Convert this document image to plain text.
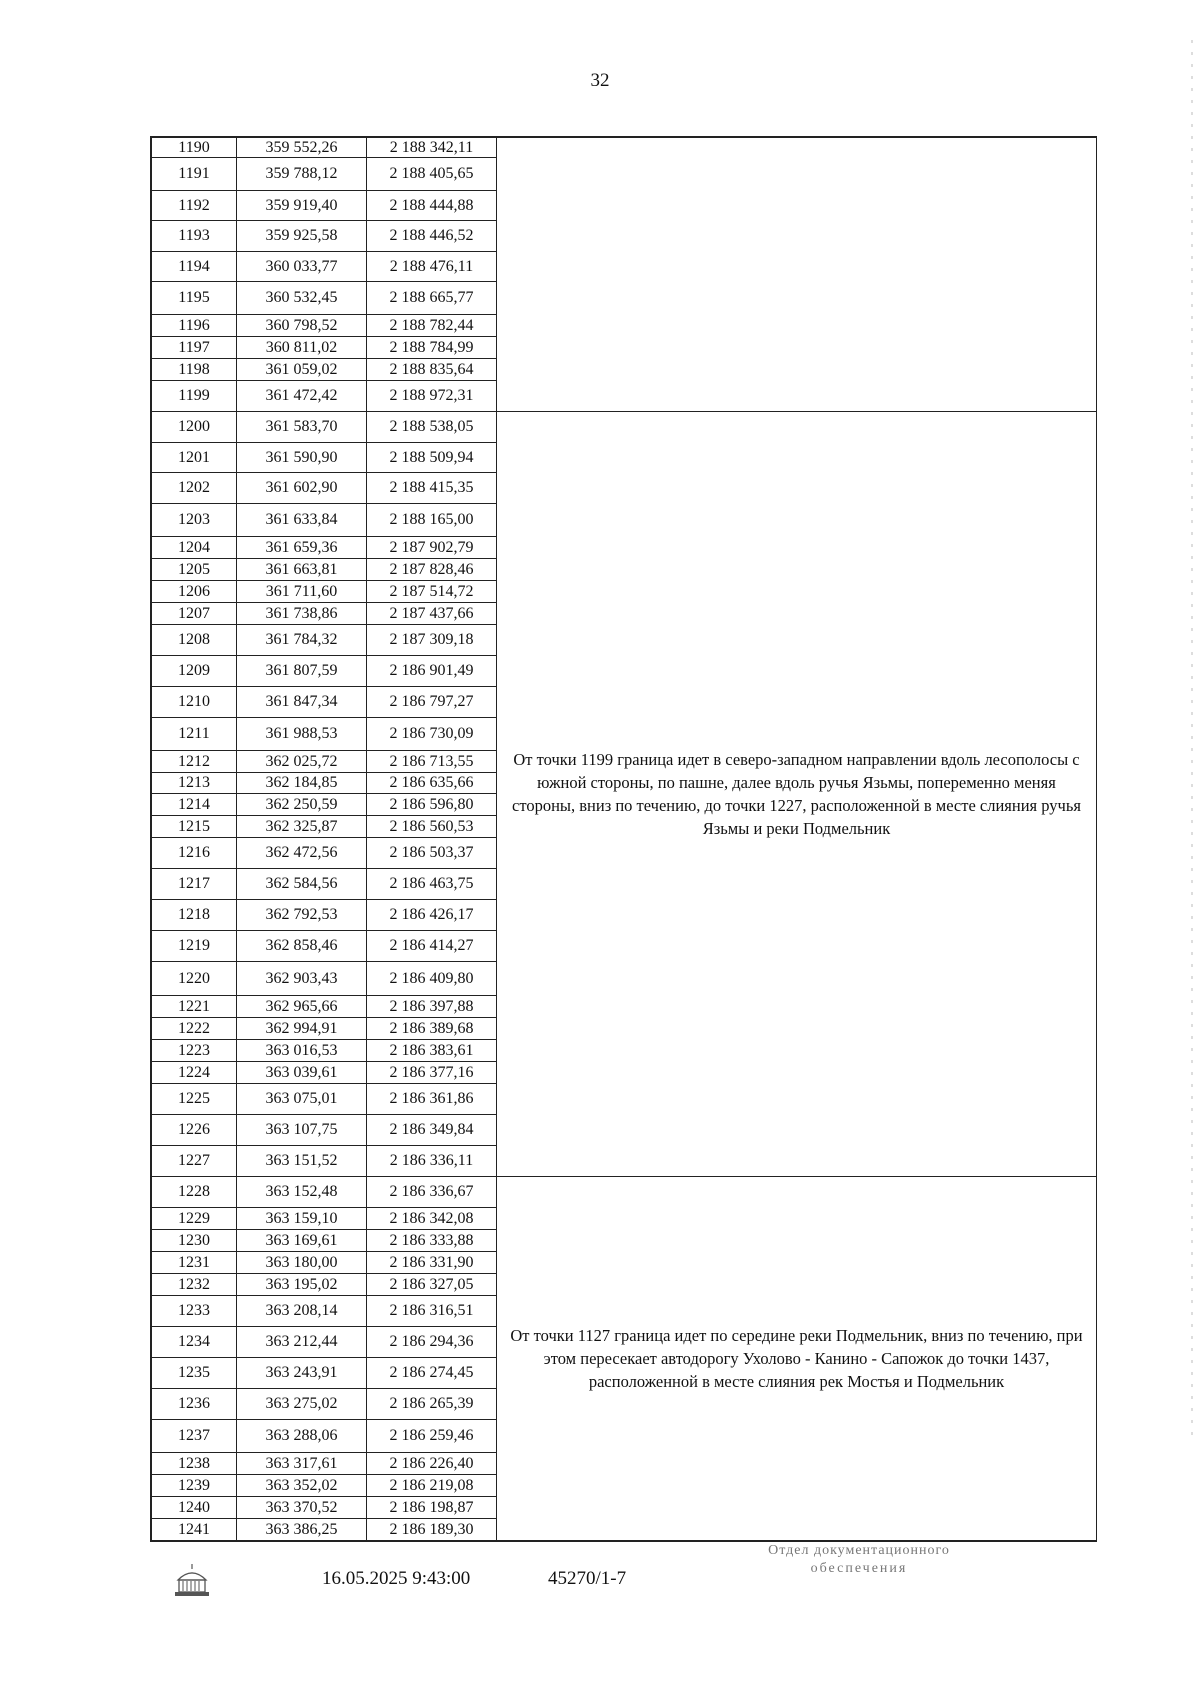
32
1190	359 552,26	2 188 342,11	
1191	359 788,12	2 188 405,65	
1192	359 919,40	2 188 444,88	
1193	359 925,58	2 188 446,52	
1194	360 033,77	2 188 476,11	
1195	360 532,45	2 188 665,77	
1196	360 798,52	2 188 782,44	
1197	360 811,02	2 188 784,99	
1198	361 059,02	2 188 835,64	
1199	361 472,42	2 188 972,31	
1200	361 583,70	2 188 538,05	От точки 1199 граница идет в северо-западном направлении вдоль лесополосы с южной стороны, по пашне, далее вдоль ручья Язьмы, попеременно меняя стороны, вниз по течению, до точки 1227, расположенной в месте слияния ручья Язьмы и реки Подмельник
1201	361 590,90	2 188 509,94	
1202	361 602,90	2 188 415,35	
1203	361 633,84	2 188 165,00	
1204	361 659,36	2 187 902,79	
1205	361 663,81	2 187 828,46	
1206	361 711,60	2 187 514,72	
1207	361 738,86	2 187 437,66	
1208	361 784,32	2 187 309,18	
1209	361 807,59	2 186 901,49	
1210	361 847,34	2 186 797,27	
1211	361 988,53	2 186 730,09	
1212	362 025,72	2 186 713,55	
1213	362 184,85	2 186 635,66	
1214	362 250,59	2 186 596,80	
1215	362 325,87	2 186 560,53	
1216	362 472,56	2 186 503,37	
1217	362 584,56	2 186 463,75	
1218	362 792,53	2 186 426,17	
1219	362 858,46	2 186 414,27	
1220	362 903,43	2 186 409,80	
1221	362 965,66	2 186 397,88	
1222	362 994,91	2 186 389,68	
1223	363 016,53	2 186 383,61	
1224	363 039,61	2 186 377,16	
1225	363 075,01	2 186 361,86	
1226	363 107,75	2 186 349,84	
1227	363 151,52	2 186 336,11	
1228	363 152,48	2 186 336,67	От точки 1127 граница идет по середине реки Подмельник, вниз по течению, при этом пересекает автодорогу Ухолово - Канино - Сапожок до точки 1437, расположенной в месте слияния рек Мостья и Подмельник
1229	363 159,10	2 186 342,08	
1230	363 169,61	2 186 333,88	
1231	363 180,00	2 186 331,90	
1232	363 195,02	2 186 327,05	
1233	363 208,14	2 186 316,51	
1234	363 212,44	2 186 294,36	
1235	363 243,91	2 186 274,45	
1236	363 275,02	2 186 265,39	
1237	363 288,06	2 186 259,46	
1238	363 317,61	2 186 226,40	
1239	363 352,02	2 186 219,08	
1240	363 370,52	2 186 198,87	
1241	363 386,25	2 186 189,30	
16.05.2025 9:43:00	45270/1-7
Отдел документационного
обеспечения
